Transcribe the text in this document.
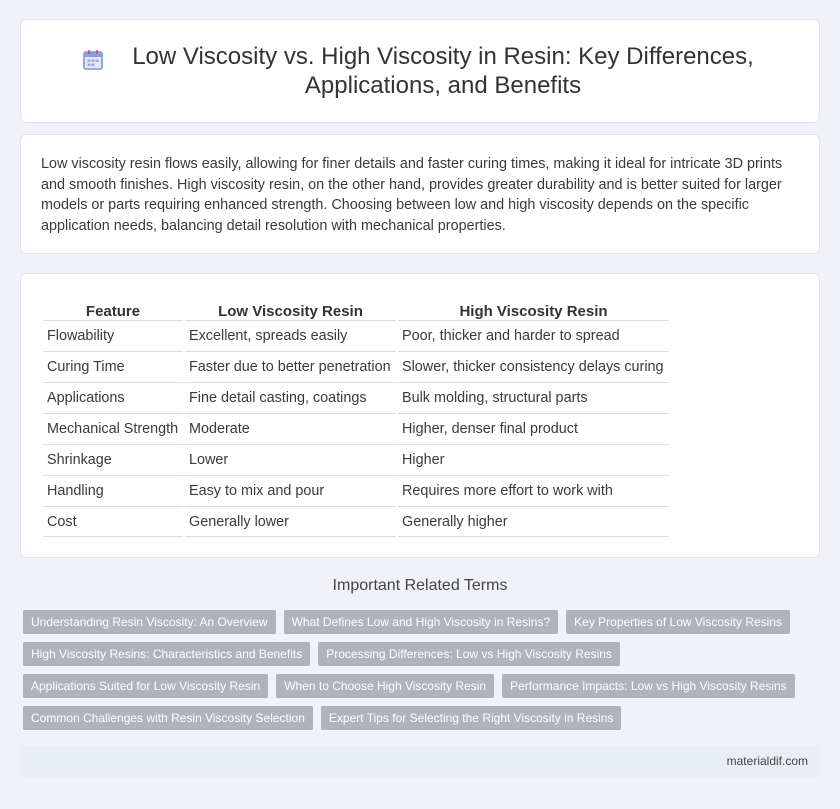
Low Viscosity vs. High Viscosity in Resin: Key Differences, Applications, and Benefits

Low viscosity resin flows easily, allowing for finer details and faster curing times, making it ideal for intricate 3D prints and smooth finishes. High viscosity resin, on the other hand, provides greater durability and is better suited for larger models or parts requiring enhanced strength. Choosing between low and high viscosity depends on the specific application needs, balancing detail resolution with mechanical properties.

Feature	Low Viscosity Resin	High Viscosity Resin
Flowability	Excellent, spreads easily	Poor, thicker and harder to spread
Curing Time	Faster due to better penetration	Slower, thicker consistency delays curing
Applications	Fine detail casting, coatings	Bulk molding, structural parts
Mechanical Strength	Moderate	Higher, denser final product
Shrinkage	Lower	Higher
Handling	Easy to mix and pour	Requires more effort to work with
Cost	Generally lower	Generally higher
Important Related Terms
Understanding Resin Viscosity: An Overview	What Defines Low and High Viscosity in Resins?	Key Properties of Low Viscosity Resins
High Viscosity Resins: Characteristics and Benefits	Processing Differences: Low vs High Viscosity Resins
Applications Suited for Low Viscosity Resin	When to Choose High Viscosity Resin	Performance Impacts: Low vs High Viscosity Resins
Common Challenges with Resin Viscosity Selection	Expert Tips for Selecting the Right Viscosity in Resins
materialdif.com
